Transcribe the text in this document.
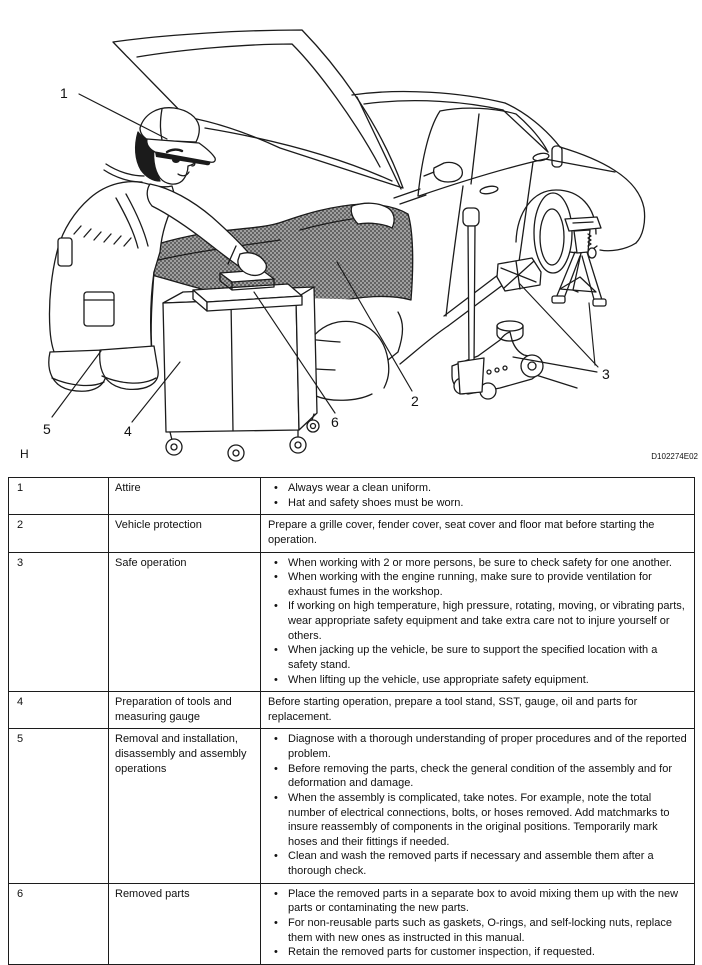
1
2
3
4
5	6
H	D102274E02
1	Attire	• Always wear a clean uniform.
• Hat and safety shoes must be worn.

2	Vehicle protection	Prepare a grille cover, fender cover, seat cover and floor mat before starting the operation.

3	Safe operation	• When working with 2 or more persons, be sure to check safety for one another.
• When working with the engine running, make sure to provide ventilation for exhaust fumes in the workshop.
• If working on high temperature, high pressure, rotating, moving, or vibrating parts, wear appropriate safety equipment and take extra care not to injure yourself or others.
• When jacking up the vehicle, be sure to support the specified location with a safety stand.
• When lifting up the vehicle, use appropriate safety equipment.

4	Preparation of tools and measuring gauge	Before starting operation, prepare a tool stand, SST, gauge, oil and parts for replacement.

5	Removal and installation, disassembly and assembly operations	• Diagnose with a thorough understanding of proper procedures and of the reported problem.
• Before removing the parts, check the general condition of the assembly and for deformation and damage.
• When the assembly is complicated, take notes. For example, note the total number of electrical connections, bolts, or hoses removed. Add matchmarks to insure reassembly of components in the original positions. Temporarily mark hoses and their fittings if needed.
• Clean and wash the removed parts if necessary and assemble them after a thorough check.

6	Removed parts	• Place the removed parts in a separate box to avoid mixing them up with the new parts or contaminating the new parts.
• For non-reusable parts such as gaskets, O-rings, and self-locking nuts, replace them with new ones as instructed in this manual.
• Retain the removed parts for customer inspection, if requested.
